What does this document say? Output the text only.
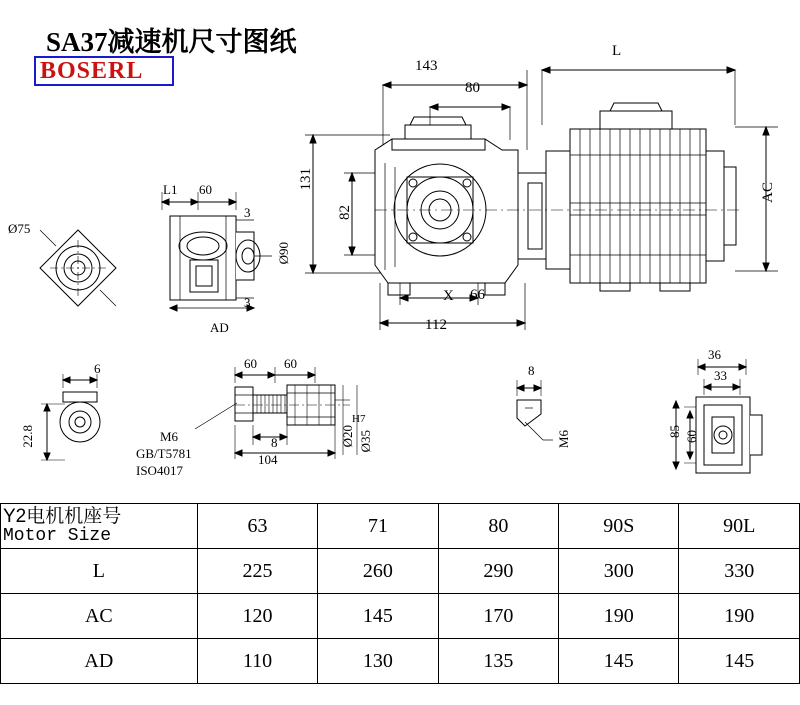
SA37减速机尺寸图纸
BOSERL	143
80
L
131
82
AC
X 66
112
L1 60
3
3
Ø90
AD
Ø75
6
22.8
60 60
8
104
Ø20
H7
Ø35
M6
GB/T5781
ISO4017
8
M6
36
33
85 60
Y2电机机座号
Motor Size	63	71	80	90S	90L
L	225	260	290	300	330
AC	120	145	170	190	190
AD	110	130	135	145	145
